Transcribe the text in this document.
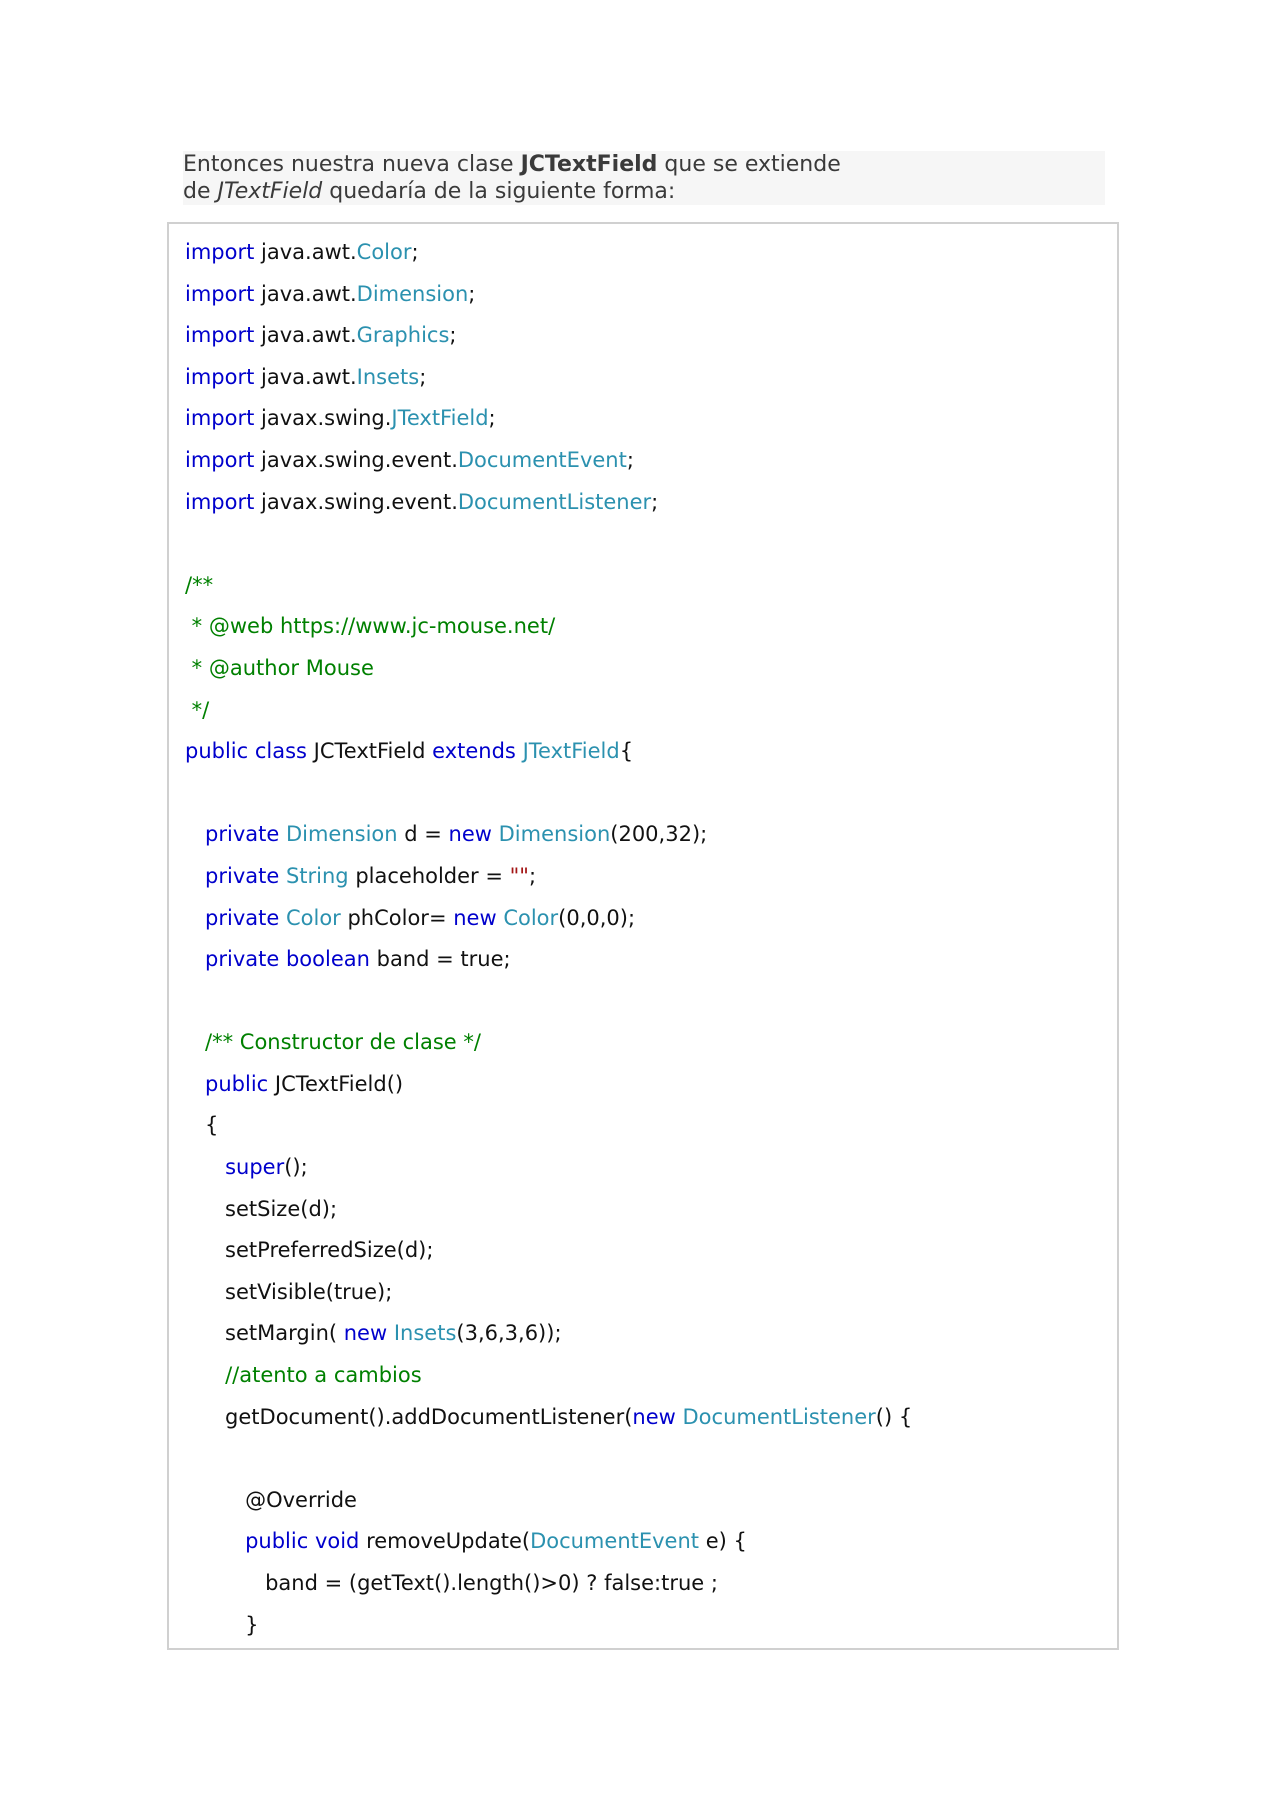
Entonces nuestra nueva clase JCTextField que se extiende
de JTextField quedaría de la siguiente forma:
import java.awt.Color;
import java.awt.Dimension;
import java.awt.Graphics;
import java.awt.Insets;
import javax.swing.JTextField;
import javax.swing.event.DocumentEvent;
import javax.swing.event.DocumentListener;
/**
* @web https://www.jc-mouse.net/
* @author Mouse
*/
public class JCTextField extends JTextField{
private Dimension d = new Dimension(200,32);
private String placeholder = "";
private Color phColor= new Color(0,0,0);
private boolean band = true;
/** Constructor de clase */
public JCTextField()
{
super();
setSize(d);
setPreferredSize(d);
setVisible(true);
setMargin( new Insets(3,6,3,6));
//atento a cambios
getDocument().addDocumentListener(new DocumentListener() {
@Override
public void removeUpdate(DocumentEvent e) {
band = (getText().length()>0) ? false:true ;
}
